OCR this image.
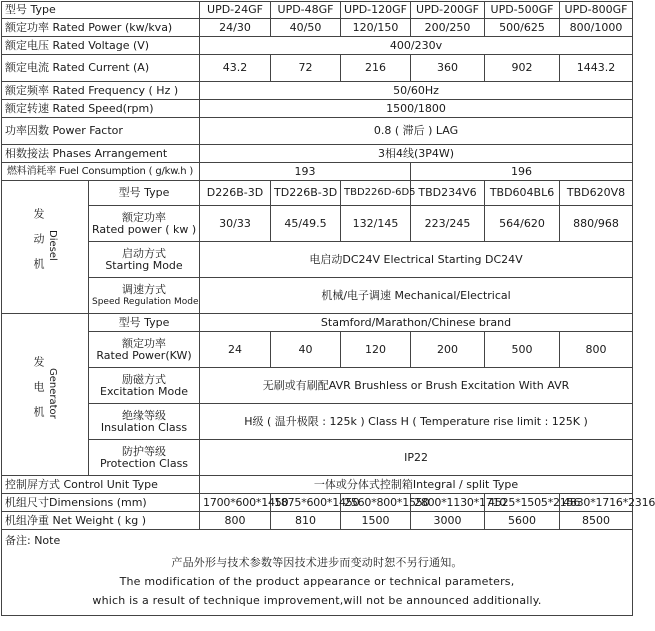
型号 Type		UPD-24GF	UPD-48GF	UPD-120GF	UPD-200GF	UPD-500GF	UPD-800GF
额定功率 Rated Power (kw/kva)		24/30	40/50	120/150	200/250	500/625	800/1000
额定电压 Rated Voltage (V)		400/230v					
额定电流 Rated Current (A)		43.2	72	216	360	902	1443.2
额定频率 Rated Frequency ( Hz )		50/60Hz					
额定转速 Rated Speed(rpm)		1500/1800					
功率因数 Power Factor		0.8 ( 滞后 ) LAG					
相数接法 Phases Arrangement		3相4线(3P4W)					
燃料消耗率 Fuel Consumption ( g/kw.h )		193			196		

发动机 Diesel	型号 Type	D226B-3D	TD226B-3D	TBD226D-6D5	TBD234V6	TBD604BL6	TBD620V8

	额定功率
Rated power ( kw )	30/33	45/49.5	132/145	223/245	564/620	880/968

	启动方式
Starting Mode	电启动DC24V Electrical Starting DC24V					

	调速方式
Speed Regulation Mode	机械/电子调速 Mechanical/Electrical					

发电机 Generator	型号 Type	Stamford/Marathon/Chinese brand					

	额定功率
Rated Power(KW)	24	40	120	200	500	800

	励磁方式
Excitation Mode	无刷或有刷配AVR Brushless or Brush Excitation With AVR					

	绝缘等级
Insulation Class	H级 ( 温升极限 : 125k ) Class H ( Temperature rise limit : 125K )					

	防护等级
Protection Class	IP22					
控制屏方式 Control Unit Type		一体或分体式控制箱Integral / split Type					
机组尺寸Dimensions (mm)		1700*600*1450	1875*600*1450	2560*800*1550	2800*1130*1710	4525*1505*2156	4830*1716*2316
机组净重 Net Weight ( kg )		800	810	1500	3000	5600	8500

备注: Note
产品外形与技术参数等因技术进步而变动时恕不另行通知。
The modification of the product appearance or technical parameters,
which is a result of technique improvement,will not be announced additionally.							
